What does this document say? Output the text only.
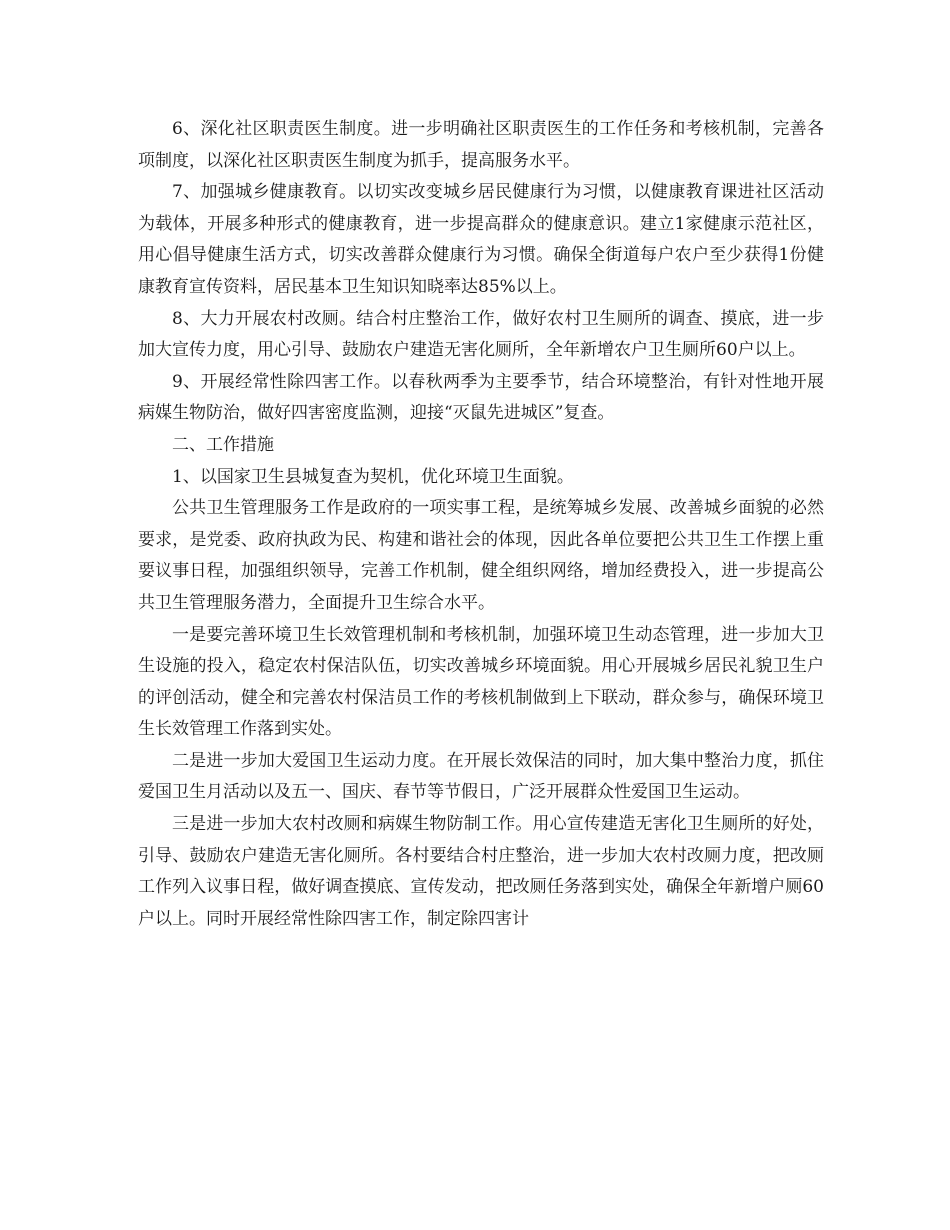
6、深化社区职责医生制度。进一步明确社区职责医生的工作任务和考核机制，完善各项制度，以深化社区职责医生制度为抓手，提高服务水平。

7、加强城乡健康教育。以切实改变城乡居民健康行为习惯，以健康教育课进社区活动为载体，开展多种形式的健康教育，进一步提高群众的健康意识。建立1家健康示范社区，用心倡导健康生活方式，切实改善群众健康行为习惯。确保全街道每户农户至少获得1份健康教育宣传资料，居民基本卫生知识知晓率达85%以上。

8、大力开展农村改厕。结合村庄整治工作，做好农村卫生厕所的调查、摸底，进一步加大宣传力度，用心引导、鼓励农户建造无害化厕所，全年新增农户卫生厕所60户以上。

9、开展经常性除四害工作。以春秋两季为主要季节，结合环境整治，有针对性地开展病媒生物防治，做好四害密度监测，迎接“灭鼠先进城区”复查。

二、工作措施

1、以国家卫生县城复查为契机，优化环境卫生面貌。

公共卫生管理服务工作是政府的一项实事工程，是统筹城乡发展、改善城乡面貌的必然要求，是党委、政府执政为民、构建和谐社会的体现，因此各单位要把公共卫生工作摆上重要议事日程，加强组织领导，完善工作机制，健全组织网络，增加经费投入，进一步提高公共卫生管理服务潜力，全面提升卫生综合水平。

一是要完善环境卫生长效管理机制和考核机制，加强环境卫生动态管理，进一步加大卫生设施的投入，稳定农村保洁队伍，切实改善城乡环境面貌。用心开展城乡居民礼貌卫生户的评创活动，健全和完善农村保洁员工作的考核机制做到上下联动，群众参与，确保环境卫生长效管理工作落到实处。

二是进一步加大爱国卫生运动力度。在开展长效保洁的同时，加大集中整治力度，抓住爱国卫生月活动以及五一、国庆、春节等节假日，广泛开展群众性爱国卫生运动。

三是进一步加大农村改厕和病媒生物防制工作。用心宣传建造无害化卫生厕所的好处，引导、鼓励农户建造无害化厕所。各村要结合村庄整治，进一步加大农村改厕力度，把改厕工作列入议事日程，做好调查摸底、宣传发动，把改厕任务落到实处，确保全年新增户厕60户以上。同时开展经常性除四害工作，制定除四害计
